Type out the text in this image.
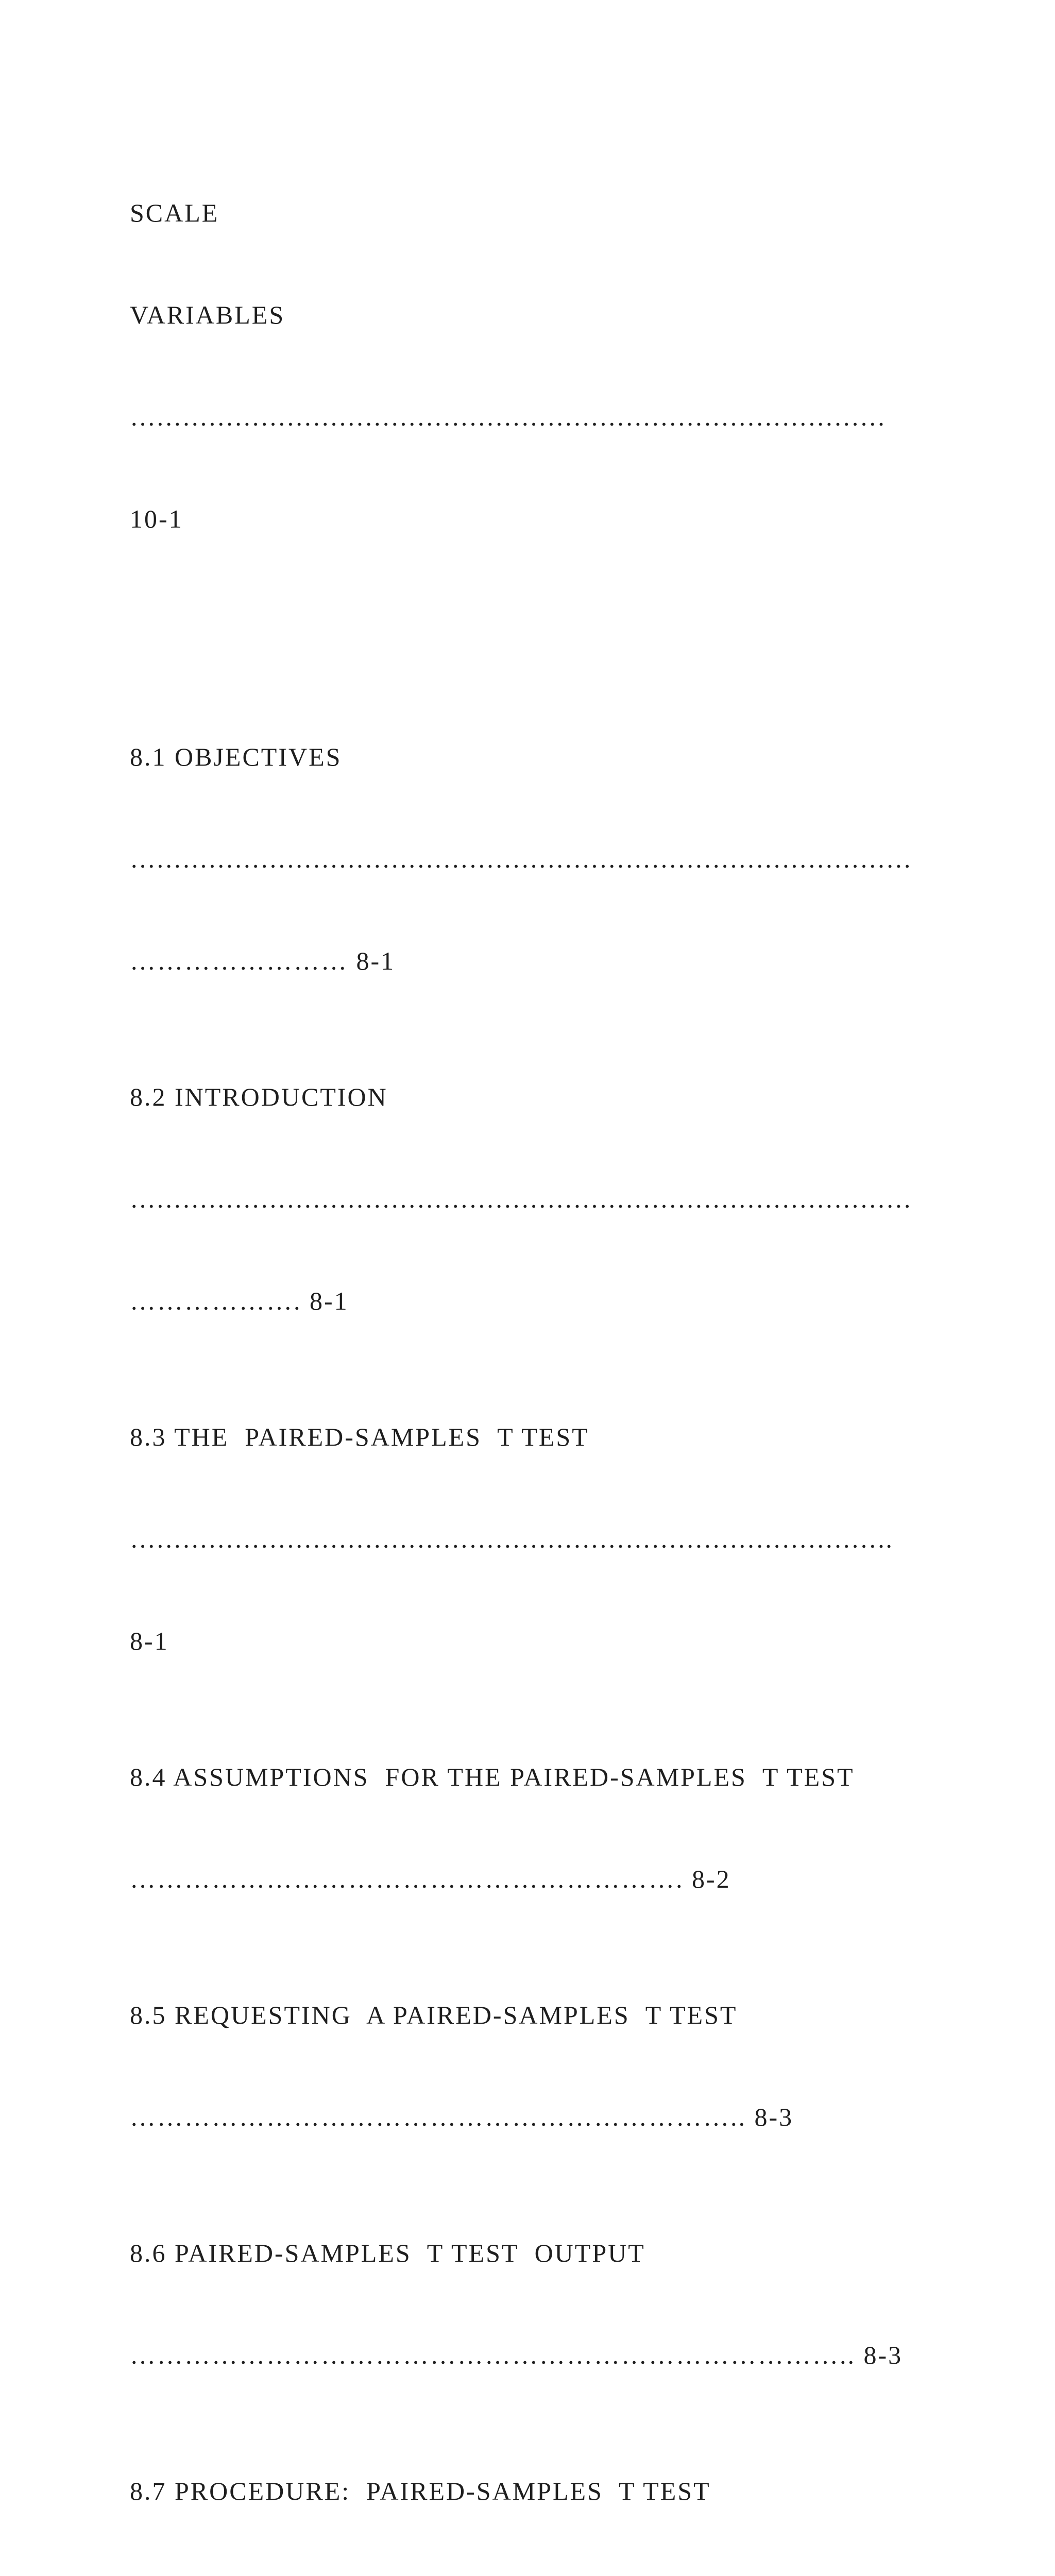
SCALE

VARIABLES

……………………………………………………………………………

10-1

8.1 OBJECTIVES

………………………………………………………………………………

…………………… 8-1

8.2 INTRODUCTION

………………………………………………………………………………

………………. 8-1

8.3 THE  PAIRED-SAMPLES  T TEST

…………………………………………………………………………….

8-1

8.4 ASSUMPTIONS  FOR THE PAIRED-SAMPLES  T TEST

……………………………………………………. 8-2

8.5 REQUESTING  A PAIRED-SAMPLES  T TEST

………………………………………………………….. 8-3

8.6 PAIRED-SAMPLES  T TEST  OUTPUT

…………………………………………………………………….. 8-3

8.7 PROCEDURE:  PAIRED-SAMPLES  T TEST
